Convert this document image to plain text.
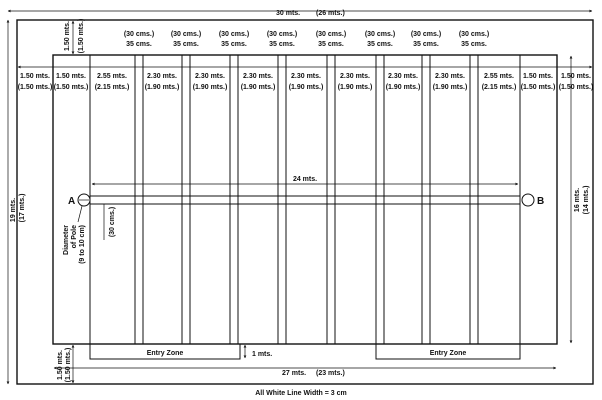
A	B
Diameter of Pole (9 to 10 cm)
(30 cms.)
24 mts.
30 mts. (26 mts.)
19 mts. (17 mts.)
1.50 mts. (1.50 mts.)
1.50 mts. (1.50 mts.)
(30 cms.)
35 cms.
(30 cms.)
35 cms.
(30 cms.)
35 cms.
(30 cms.)
35 cms.
(30 cms.)
35 cms.
(30 cms.)
35 cms.
(30 cms.)
35 cms.
(30 cms.)
35 cms.
1.50 mts.
(1.50 mts.)
1.50 mts.
(1.50 mts.)
2.55 mts.
(2.15 mts.)
2.30 mts.
(1.90 mts.)
2.30 mts.
(1.90 mts.)
2.30 mts.
(1.90 mts.)
2.30 mts.
(1.90 mts.)
2.30 mts.
(1.90 mts.)
2.30 mts.
(1.90 mts.)
2.30 mts.
(1.90 mts.)
2.55 mts.
(2.15 mts.)
1.50 mts.
(1.50 mts.)
1.50 mts.
(1.50 mts.)
16 mts. (14 mts.)
Entry Zone	Entry Zone
1 mts.
27 mts. (23 mts.)
All White Line Width = 3 cm
